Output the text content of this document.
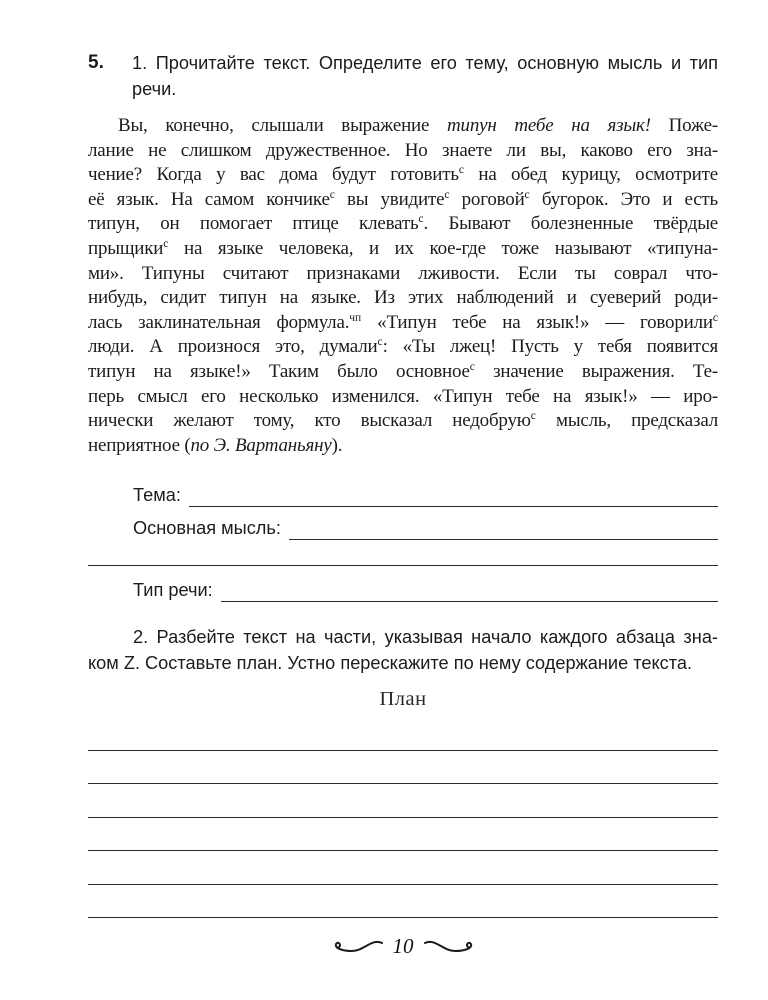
5.	1. Прочитайте текст. Определите его тему, основную мысль и тип
речи.
Вы, конечно, слышали выражение типун тебе на язык! Поже-
лание не слишком дружественное. Но знаете ли вы, каково его зна-
чение? Когда у вас дома будут готовить$^с$ на обед курицу, осмотрите
её язык. На самом кончике$^с$ вы увидите$^с$ роговой$^с$ бугорок. Это и есть
типун, он помогает птице клевать$^с$. Бывают болезненные твёрдые
прыщики$^с$ на языке человека, и их кое-где тоже называют «типуна-
ми». Типуны считают признаками лживости. Если ты соврал что-
нибудь, сидит типун на языке. Из этих наблюдений и суеверий роди-
лась заклинательная формула.$^{чп}$ «Типун тебе на язык!» — говорили$^с$
люди. А произнося это, думали$^с$: «Ты лжец! Пусть у тебя появится
типун на языке!» Таким было основное$^с$ значение выражения. Те-
перь смысл его несколько изменился. «Типун тебе на язык!» — иро-
нически желают тому, кто высказал недобрую$^с$ мысль, предсказал
неприятное (по Э. Вартаньяну).
Тема:
Основная мысль:
Тип речи:
2. Разбейте текст на части, указывая начало каждого абзаца зна-
ком Z. Составьте план. Устно перескажите по нему содержание текста.
План
10
